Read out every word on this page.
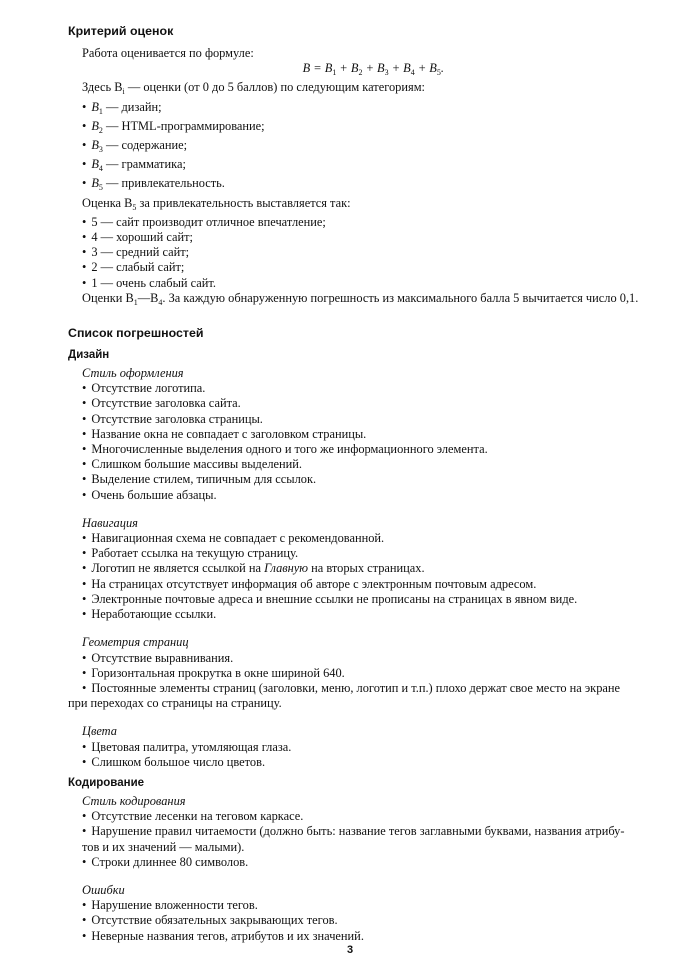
Критерий оценок

Работа оценивается по формуле:

$B = B_1 + B_2 + B_3 + B_4 + B_5$.

Здесь $B_i$ — оценки (от 0 до 5 баллов) по следующим категориям:

• $B_1$ — дизайн;
• $B_2$ — HTML-программирование;
• $B_3$ — содержание;
• $B_4$ — грамматика;
• $B_5$ — привлекательность.

Оценка $B_5$ за привлекательность выставляется так:

• 5 — сайт производит отличное впечатление;
• 4 — хороший сайт;
• 3 — средний сайт;
• 2 — слабый сайт;
• 1 — очень слабый сайт.

Оценки $B_1—B_4$. За каждую обнаруженную погрешность из максимального балла 5 вычитается число 0,1.

Список погрешностей
Дизайн

Стиль оформления

• Отсутствие логотипа.
• Отсутствие заголовка сайта.
• Отсутствие заголовка страницы.
• Название окна не совпадает с заголовком страницы.
• Многочисленные выделения одного и того же информационного элемента.
• Слишком большие массивы выделений.
• Выделение стилем, типичным для ссылок.
• Очень большие абзацы.

Навигация

• Навигационная схема не совпадает с рекомендованной.
• Работает ссылка на текущую страницу.
• Логотип не является ссылкой на Главную на вторых страницах.
• На страницах отсутствует информация об авторе с электронным почтовым адресом.
• Электронные почтовые адреса и внешние ссылки не прописаны на страницах в явном виде.
• Неработающие ссылки.

Геометрия страниц

• Отсутствие выравнивания.
• Горизонтальная прокрутка в окне шириной 640.
• Постоянные элементы страниц (заголовки, меню, логотип и т.п.) плохо держат свое место на экране

при переходах со страницы на страницу.

Цвета

• Цветовая палитра, утомляющая глаза.
• Слишком большое число цветов.
Кодирование

Стиль кодирования

• Отсутствие лесенки на теговом каркасе.
• Нарушение правил читаемости (должно быть: название тегов заглавными буквами, названия атрибу-

тов и их значений — малыми).

• Строки длиннее 80 символов.

Ошибки

• Нарушение вложенности тегов.
• Отсутствие обязательных закрывающих тегов.
• Неверные названия тегов, атрибутов и их значений.
3
